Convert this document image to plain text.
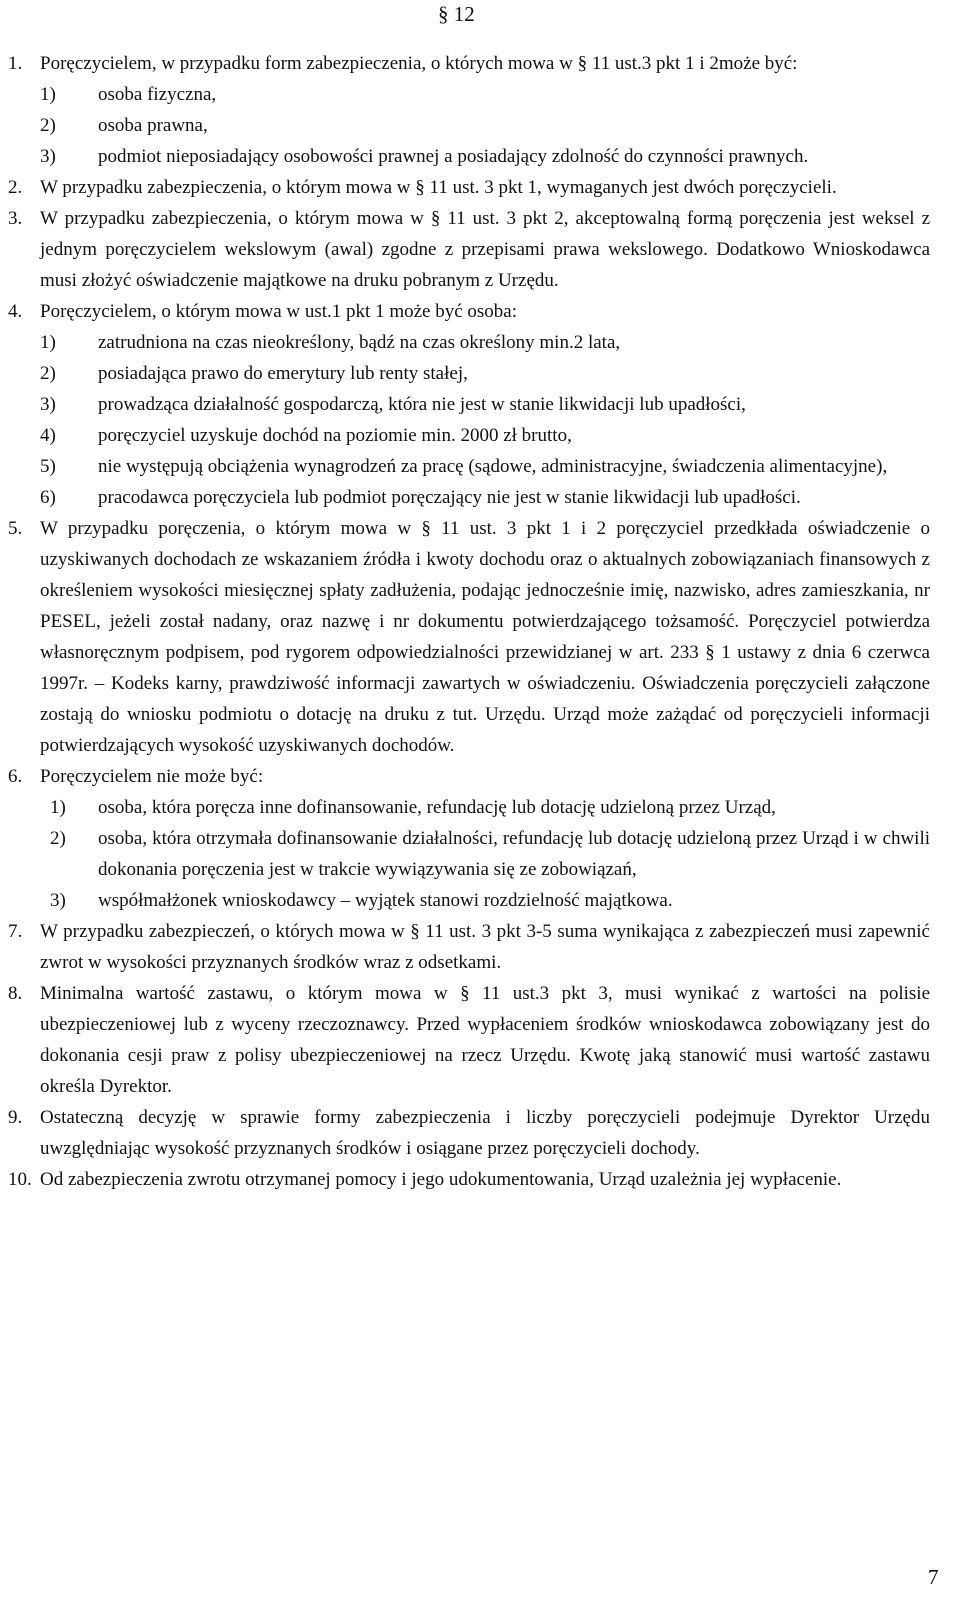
§ 12
1. Poręczycielem, w przypadku form zabezpieczenia, o których mowa w § 11 ust.3 pkt 1 i 2może być:
1) osoba fizyczna,
2) osoba prawna,
3) podmiot nieposiadający osobowości prawnej a posiadający zdolność do czynności prawnych.
2. W przypadku zabezpieczenia, o którym mowa w § 11 ust. 3 pkt 1, wymaganych jest dwóch poręczycieli.
3. W przypadku zabezpieczenia, o którym mowa w § 11 ust. 3 pkt 2, akceptowalną formą poręczenia jest weksel z jednym poręczycielem wekslowym (awal) zgodne z przepisami prawa wekslowego. Dodatkowo Wnioskodawca musi złożyć oświadczenie majątkowe na druku pobranym z Urzędu.
4. Poręczycielem, o którym mowa w ust.1 pkt 1 może być osoba:
1) zatrudniona na czas nieokreślony, bądź na czas określony min.2 lata,
2) posiadająca prawo do emerytury lub renty stałej,
3) prowadząca działalność gospodarczą, która nie jest w stanie likwidacji lub upadłości,
4) poręczyciel uzyskuje dochód na poziomie min. 2000 zł brutto,
5) nie występują obciążenia wynagrodzeń za pracę (sądowe, administracyjne, świadczenia alimentacyjne),
6) pracodawca poręczyciela lub podmiot poręczający nie jest w stanie likwidacji lub upadłości.
5. W przypadku poręczenia, o którym mowa w § 11 ust. 3 pkt 1 i 2 poręczyciel przedkłada oświadczenie o uzyskiwanych dochodach ze wskazaniem źródła i kwoty dochodu oraz o aktualnych zobowiązaniach finansowych z określeniem wysokości miesięcznej spłaty zadłużenia, podając jednocześnie imię, nazwisko, adres zamieszkania, nr PESEL, jeżeli został nadany, oraz nazwę i nr dokumentu potwierdzającego tożsamość. Poręczyciel potwierdza własnoręcznym podpisem, pod rygorem odpowiedzialności przewidzianej w art. 233 § 1 ustawy z dnia 6 czerwca 1997r. – Kodeks karny, prawdziwość informacji zawartych w oświadczeniu. Oświadczenia poręczycieli załączone zostają do wniosku podmiotu o dotację na druku z tut. Urzędu. Urząd może zażądać od poręczycieli informacji potwierdzających wysokość uzyskiwanych dochodów.
6. Poręczycielem nie może być:
1) osoba, która poręcza inne dofinansowanie, refundację lub dotację udzieloną przez Urząd,
2) osoba, która otrzymała dofinansowanie działalności, refundację lub dotację udzieloną przez Urząd i w chwili dokonania poręczenia jest w trakcie wywiązywania się ze zobowiązań,
3) współmałżonek wnioskodawcy – wyjątek stanowi rozdzielność majątkowa.
7. W przypadku zabezpieczeń, o których mowa w § 11 ust. 3 pkt 3-5 suma wynikająca z zabezpieczeń musi zapewnić zwrot w wysokości przyznanych środków wraz z odsetkami.
8. Minimalna wartość zastawu, o którym mowa w § 11 ust.3 pkt 3, musi wynikać z wartości na polisie ubezpieczeniowej lub z wyceny rzeczoznawcy. Przed wypłaceniem środków wnioskodawca zobowiązany jest do dokonania cesji praw z polisy ubezpieczeniowej na rzecz Urzędu. Kwotę jaką stanowić musi wartość zastawu określa Dyrektor.
9. Ostateczną decyzję w sprawie formy zabezpieczenia i liczby poręczycieli podejmuje Dyrektor Urzędu uwzględniając wysokość przyznanych środków i osiągane przez poręczycieli dochody.
10. Od zabezpieczenia zwrotu otrzymanej pomocy i jego udokumentowania, Urząd uzależnia jej wypłacenie.
7
